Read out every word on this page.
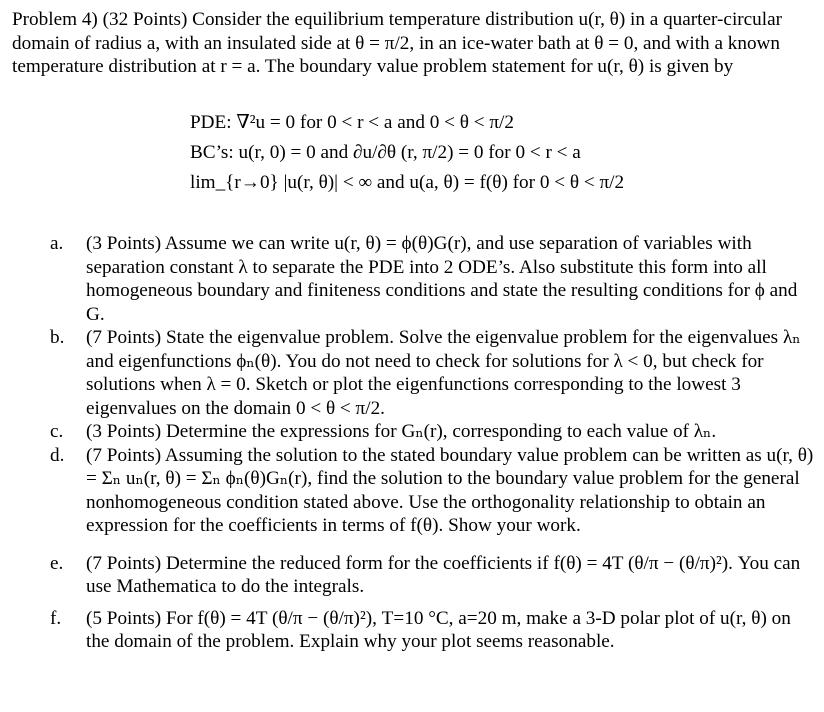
Problem 4) (32 Points) Consider the equilibrium temperature distribution u(r, θ) in a quarter-circular domain of radius a, with an insulated side at θ = π/2, in an ice-water bath at θ = 0, and with a known temperature distribution at r = a. The boundary value problem statement for u(r, θ) is given by
PDE: ∇²u = 0 for 0 < r < a and 0 < θ < π/2
BC’s: u(r, 0) = 0 and ∂u/∂θ (r, π/2) = 0 for 0 < r < a
lim_{r→0} |u(r, θ)| < ∞ and u(a, θ) = f(θ) for 0 < θ < π/2
a.	(3 Points) Assume we can write u(r, θ) = ϕ(θ)G(r), and use separation of variables with separation constant λ to separate the PDE into 2 ODE’s. Also substitute this form into all homogeneous boundary and finiteness conditions and state the resulting conditions for ϕ and G.
b.	(7 Points) State the eigenvalue problem. Solve the eigenvalue problem for the eigenvalues λₙ and eigenfunctions ϕₙ(θ). You do not need to check for solutions for λ < 0, but check for solutions when λ = 0. Sketch or plot the eigenfunctions corresponding to the lowest 3 eigenvalues on the domain 0 < θ < π/2.
c.	(3 Points) Determine the expressions for Gₙ(r), corresponding to each value of λₙ.
d.	(7 Points) Assuming the solution to the stated boundary value problem can be written as u(r, θ) = Σₙ uₙ(r, θ) = Σₙ ϕₙ(θ)Gₙ(r), find the solution to the boundary value problem for the general nonhomogeneous condition stated above. Use the orthogonality relationship to obtain an expression for the coefficients in terms of f(θ). Show your work.
e.	(7 Points) Determine the reduced form for the coefficients if f(θ) = 4T (θ/π − (θ/π)²). You can use Mathematica to do the integrals.
f.	(5 Points) For f(θ) = 4T (θ/π − (θ/π)²), T=10 °C, a=20 m, make a 3-D polar plot of u(r, θ) on the domain of the problem. Explain why your plot seems reasonable.
